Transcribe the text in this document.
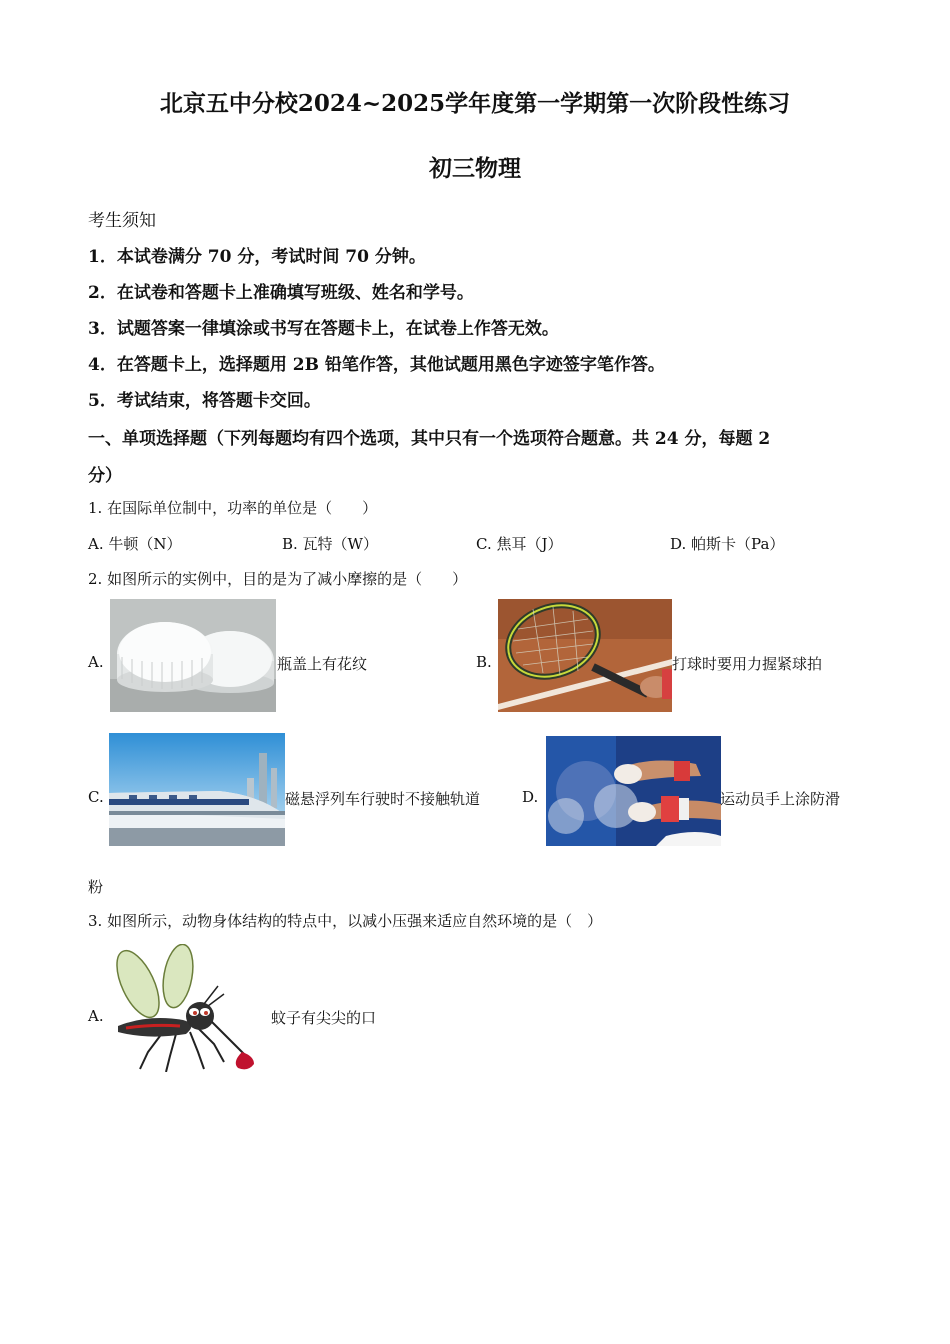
北京五中分校2024~2025学年度第一学期第一次阶段性练习
初三物理
考生须知
1．本试卷满分 70 分，考试时间 70 分钟。
2．在试卷和答题卡上准确填写班级、姓名和学号。
3．试题答案一律填涂或书写在答题卡上，在试卷上作答无效。
4．在答题卡上，选择题用 2B 铅笔作答，其他试题用黑色字迹签字笔作答。
5．考试结束，将答题卡交回。
一、单项选择题（下列每题均有四个选项，其中只有一个选项符合题意。共 24 分，每题 2
分）
1. 在国际单位制中，功率的单位是（　　）
A. 牛顿（N）	B. 瓦特（W）	C. 焦耳（J）	D. 帕斯卡（Pa）
2. 如图所示的实例中，目的是为了减小摩擦的是（　　）
A.	瓶盖上有花纹	B.	打球时要用力握紧球拍
C.	磁悬浮列车行驶时不接触轨道	D.	运动员手上涂防滑
粉
3. 如图所示，动物身体结构的特点中，以减小压强来适应自然环境的是（　）
A.	蚊子有尖尖的口
